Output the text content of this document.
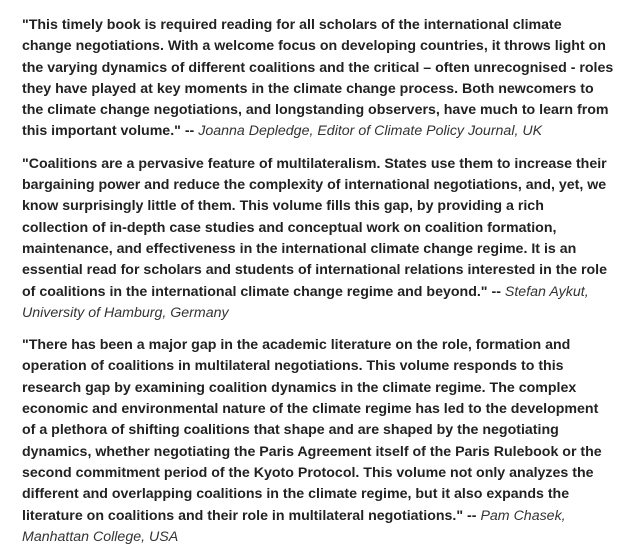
"This timely book is required reading for all scholars of the international climate change negotiations. With a welcome focus on developing countries, it throws light on the varying dynamics of different coalitions and the critical – often unrecognised - roles they have played at key moments in the climate change process. Both newcomers to the climate change negotiations, and longstanding observers, have much to learn from this important volume." -- Joanna Depledge, Editor of Climate Policy Journal, UK

"Coalitions are a pervasive feature of multilateralism. States use them to increase their bargaining power and reduce the complexity of international negotiations, and, yet, we know surprisingly little of them. This volume fills this gap, by providing a rich collection of in-depth case studies and conceptual work on coalition formation, maintenance, and effectiveness in the international climate change regime. It is an essential read for scholars and students of international relations interested in the role of coalitions in the international climate change regime and beyond." -- Stefan Aykut, University of Hamburg, Germany

"There has been a major gap in the academic literature on the role, formation and operation of coalitions in multilateral negotiations. This volume responds to this research gap by examining coalition dynamics in the climate regime. The complex economic and environmental nature of the climate regime has led to the development of a plethora of shifting coalitions that shape and are shaped by the negotiating dynamics, whether negotiating the Paris Agreement itself of the Paris Rulebook or the second commitment period of the Kyoto Protocol. This volume not only analyzes the different and overlapping coalitions in the climate regime, but it also expands the literature on coalitions and their role in multilateral negotiations." -- Pam Chasek, Manhattan College, USA
